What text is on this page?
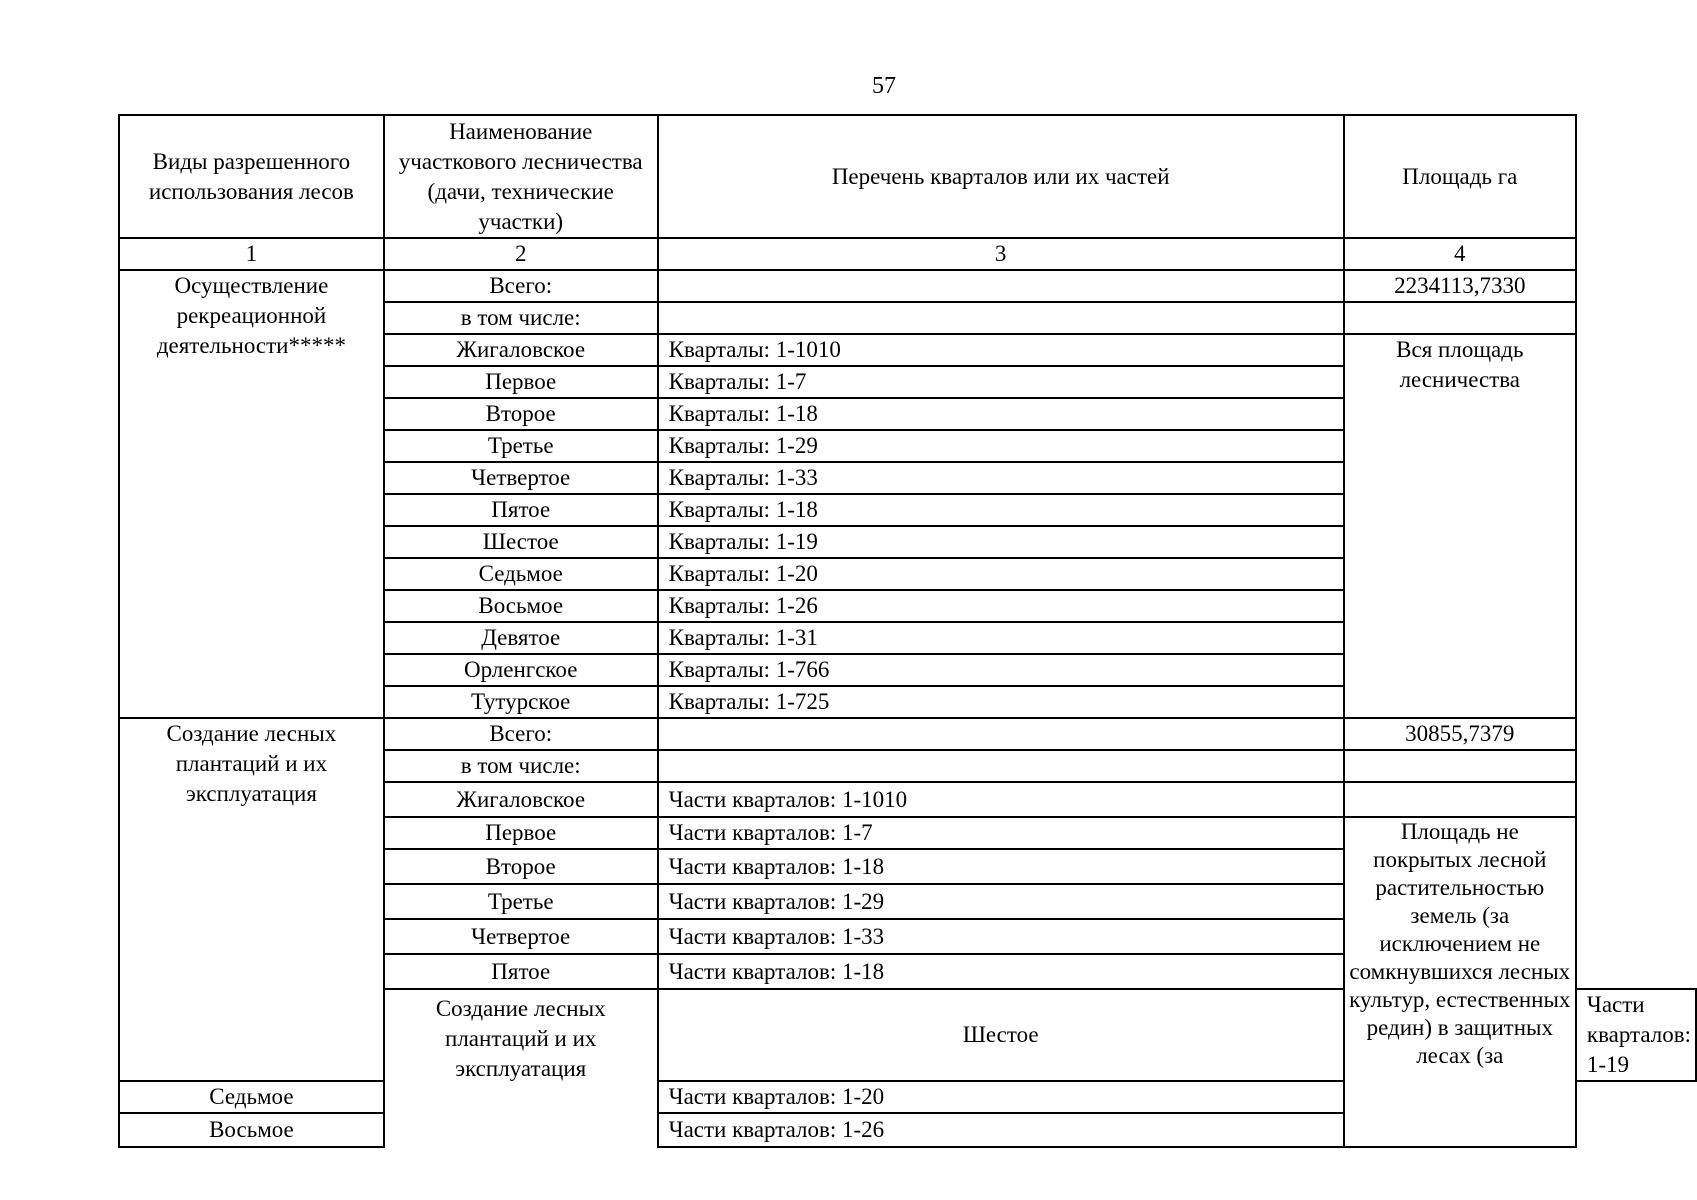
57
Виды разрешенного использования лесов	Наименование участкового лесничества (дачи, технические участки)	Перечень кварталов или их частей	Площадь га	
1	2	3	4	
Осуществление рекреационной деятельности*****	Всего:		2234113,7330	
	в том числе:			
	Жигаловское	Кварталы: 1-1010	Вся площадь лесничества	
	Первое	Кварталы: 1-7		
	Второе	Кварталы: 1-18		
	Третье	Кварталы: 1-29		
	Четвертое	Кварталы: 1-33		
	Пятое	Кварталы: 1-18		
	Шестое	Кварталы: 1-19		
	Седьмое	Кварталы: 1-20		
	Восьмое	Кварталы: 1-26		
	Девятое	Кварталы: 1-31		
	Орленгское	Кварталы: 1-766		
	Тутурское	Кварталы: 1-725		
Создание лесных плантаций и их эксплуатация	Всего:		30855,7379	
	в том числе:			
	Жигаловское	Части кварталов: 1-1010		
	Первое	Части кварталов: 1-7	Площадь не покрытых лесной растительностью земель (за исключением не сомкнувшихся лесных культур, естественных редин) в защитных лесах (за	
	Второе	Части кварталов: 1-18		
	Третье	Части кварталов: 1-29		
	Четвертое	Части кварталов: 1-33		
	Пятое	Части кварталов: 1-18		
	Создание лесных плантаций и их эксплуатация	Шестое		Части кварталов: 1-19
Седьмое		Части кварталов: 1-20		
Восьмое		Части кварталов: 1-26		
